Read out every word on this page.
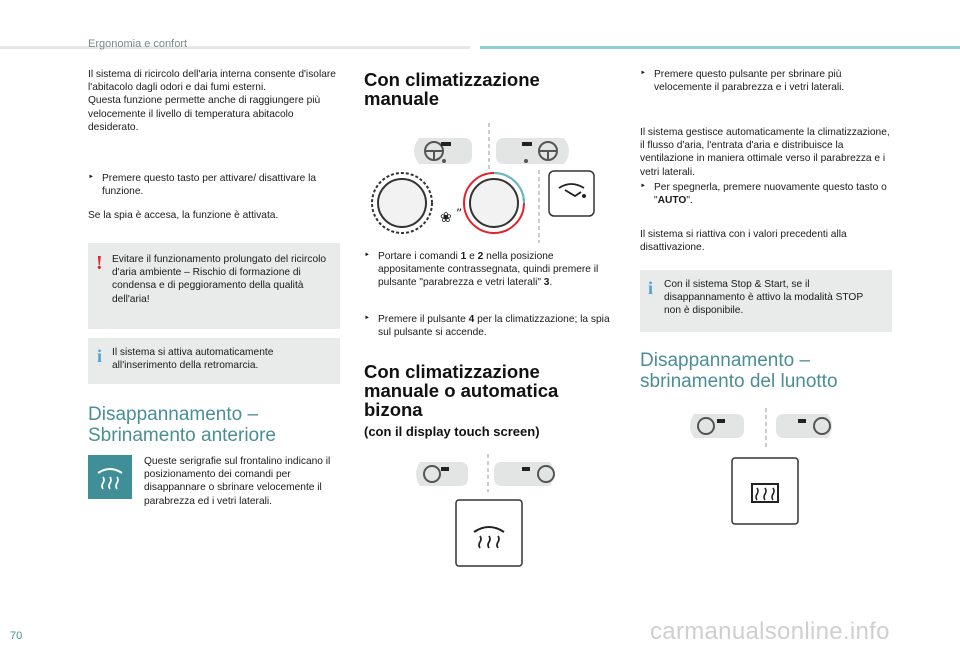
Ergonomia e confort

Il sistema di ricircolo dell'aria interna consente d'isolare l'abitacolo dagli odori e dai fumi esterni.

Questa funzione permette anche di raggiungere più velocemente il livello di temperatura abitacolo desiderato.

‣ Premere questo tasto per attivare/ disattivare la funzione.

Se la spia è accesa, la funzione è attivata.

! Evitare il funzionamento prolungato del ricircolo d'aria ambiente – Rischio di formazione di condensa e di peggioramento della qualità dell'aria!
i Il sistema si attiva automaticamente all'inserimento della retromarcia.
Disappannamento –
Sbrinamento anteriore

Queste serigrafie sul frontalino indicano il posizionamento dei comandi per disappannare o sbrinare velocemente il parabrezza ed i vetri laterali.

Con climatizzazione
manuale
❀
„
‣ Portare i comandi 1 e 2 nella posizione appositamente contrassegnata, quindi premere il pulsante "parabrezza e vetri laterali" 3.
‣ Premere il pulsante 4 per la climatizzazione; la spia sul pulsante si accende.
Con climatizzazione
manuale o automatica
bizona
(con il display touch screen)
‣ Premere questo pulsante per sbrinare più velocemente il parabrezza e i vetri laterali.

Il sistema gestisce automaticamente la climatizzazione, il flusso d'aria, l'entrata d'aria e distribuisce la ventilazione in maniera ottimale verso il parabrezza e i vetri laterali.

‣ Per spegnerla, premere nuovamente questo tasto o "AUTO".

Il sistema si riattiva con i valori precedenti alla disattivazione.

i Con il sistema Stop & Start, se il disappannamento è attivo la modalità STOP non è disponibile.
Disappannamento –
sbrinamento del lunotto
70	carmanualsonline.info
